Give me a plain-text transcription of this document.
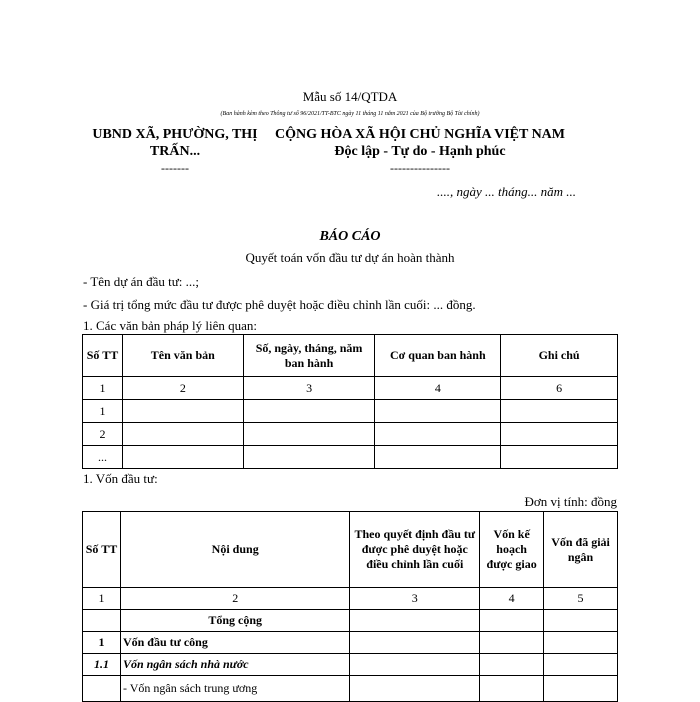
Mẫu số 14/QTDA
(Ban hành kèm theo Thông tư số 96/2021/TT-BTC ngày 11 tháng 11 năm 2021 của Bộ trưởng Bộ Tài chính)
UBND XÃ, PHƯỜNG, THỊ
TRẤN...
-------
CỘNG HÒA XÃ HỘI CHỦ NGHĨA VIỆT NAM
Độc lập - Tự do - Hạnh phúc
---------------
...., ngày ... tháng... năm ...
BÁO CÁO
Quyết toán vốn đầu tư dự án hoàn thành
- Tên dự án đầu tư: ...;
- Giá trị tổng mức đầu tư được phê duyệt hoặc điều chỉnh lần cuối: ... đồng.
1. Các văn bản pháp lý liên quan:
Số TT	Tên văn bản	Số, ngày, tháng, năm ban hành	Cơ quan ban hành	Ghi chú
1	2	3	4	6
1				
2				
...				
1. Vốn đầu tư:
Đơn vị tính: đồng
Số TT	Nội dung	Theo quyết định đầu tư được phê duyệt hoặc điều chỉnh lần cuối	Vốn kế hoạch được giao	Vốn đã giải ngân
1	2	3	4	5
	Tổng cộng			
1	Vốn đầu tư công			
1.1	Vốn ngân sách nhà nước			
	- Vốn ngân sách trung ương			
